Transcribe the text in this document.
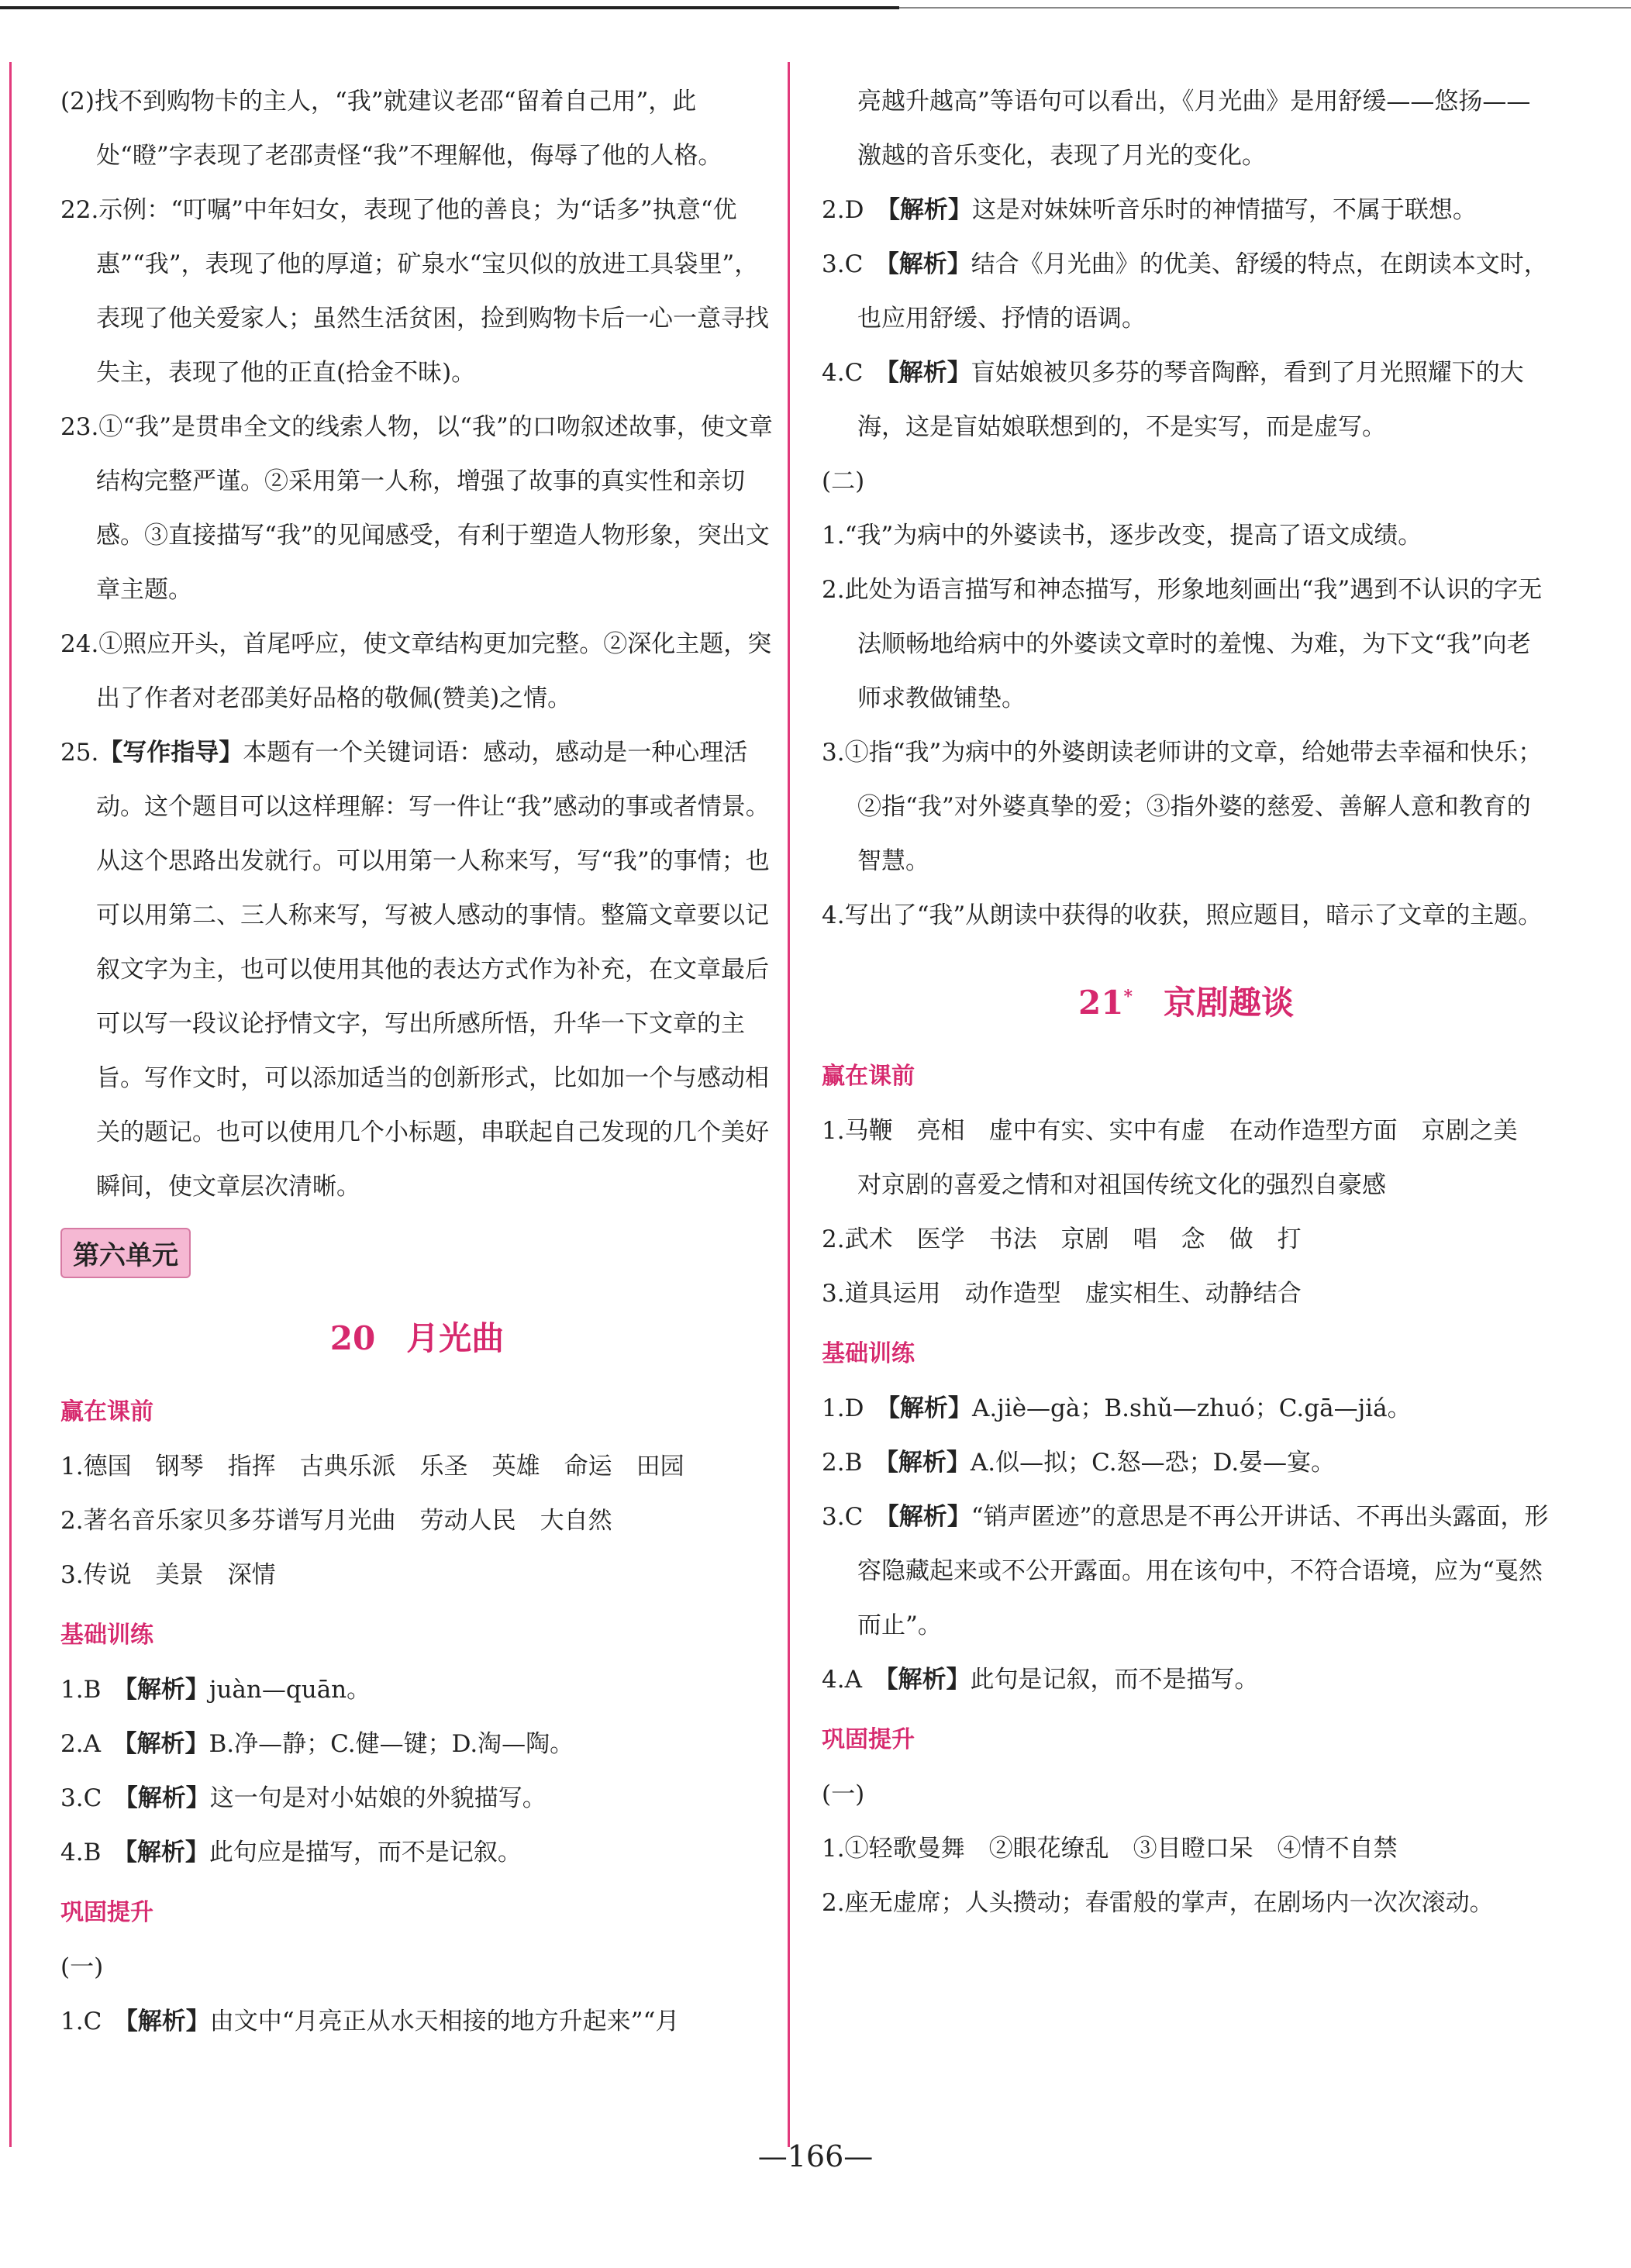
(2)找不到购物卡的主人，“我”就建议老邵“留着自己用”，此处“瞪”字表现了老邵责怪“我”不理解他，侮辱了他的人格。

22.示例：“叮嘱”中年妇女，表现了他的善良；为“话多”执意“优惠”“我”，表现了他的厚道；矿泉水“宝贝似的放进工具袋里”，表现了他关爱家人；虽然生活贫困，捡到购物卡后一心一意寻找失主，表现了他的正直(拾金不昧)。

23.①“我”是贯串全文的线索人物，以“我”的口吻叙述故事，使文章结构完整严谨。②采用第一人称，增强了故事的真实性和亲切感。③直接描写“我”的见闻感受，有利于塑造人物形象，突出文章主题。

24.①照应开头，首尾呼应，使文章结构更加完整。②深化主题，突出了作者对老邵美好品格的敬佩(赞美)之情。

25.【写作指导】本题有一个关键词语：感动，感动是一种心理活动。这个题目可以这样理解：写一件让“我”感动的事或者情景。从这个思路出发就行。可以用第一人称来写，写“我”的事情；也可以用第二、三人称来写，写被人感动的事情。整篇文章要以记叙文字为主，也可以使用其他的表达方式作为补充，在文章最后可以写一段议论抒情文字，写出所感所悟，升华一下文章的主旨。写作文时，可以添加适当的创新形式，比如加一个与感动相关的题记。也可以使用几个小标题，串联起自己发现的几个美好瞬间，使文章层次清晰。

第六单元
20 月光曲
赢在课前

1.德国　钢琴　指挥　古典乐派　乐圣　英雄　命运　田园

2.著名音乐家贝多芬谱写月光曲　劳动人民　大自然

3.传说　美景　深情

基础训练

1.B　【解析】juàn—quān。

2.A　【解析】B.净—静；C.健—键；D.淘—陶。

3.C　【解析】这一句是对小姑娘的外貌描写。

4.B　【解析】此句应是描写，而不是记叙。

巩固提升

(一)

1.C　【解析】由文中“月亮正从水天相接的地方升起来”“月

亮越升越高”等语句可以看出，《月光曲》是用舒缓——悠扬——激越的音乐变化，表现了月光的变化。

2.D　【解析】这是对妹妹听音乐时的神情描写，不属于联想。

3.C　【解析】结合《月光曲》的优美、舒缓的特点，在朗读本文时，也应用舒缓、抒情的语调。

4.C　【解析】盲姑娘被贝多芬的琴音陶醉，看到了月光照耀下的大海，这是盲姑娘联想到的，不是实写，而是虚写。

(二)

1.“我”为病中的外婆读书，逐步改变，提高了语文成绩。

2.此处为语言描写和神态描写，形象地刻画出“我”遇到不认识的字无法顺畅地给病中的外婆读文章时的羞愧、为难，为下文“我”向老师求教做铺垫。

3.①指“我”为病中的外婆朗读老师讲的文章，给她带去幸福和快乐；②指“我”对外婆真挚的爱；③指外婆的慈爱、善解人意和教育的智慧。

4.写出了“我”从朗读中获得的收获，照应题目，暗示了文章的主题。

21* 京剧趣谈
赢在课前

1.马鞭　亮相　虚中有实、实中有虚　在动作造型方面　京剧之美　对京剧的喜爱之情和对祖国传统文化的强烈自豪感

2.武术　医学　书法　京剧　唱　念　做　打

3.道具运用　动作造型　虚实相生、动静结合

基础训练

1.D　【解析】A.jiè—gà；B.shǔ—zhuó；C.gā—jiá。

2.B　【解析】A.似—拟；C.怒—恐；D.晏—宴。

3.C　【解析】“销声匿迹”的意思是不再公开讲话、不再出头露面，形容隐藏起来或不公开露面。用在该句中，不符合语境，应为“戛然而止”。

4.A　【解析】此句是记叙，而不是描写。

巩固提升

(一)

1.①轻歌曼舞　②眼花缭乱　③目瞪口呆　④情不自禁

2.座无虚席；人头攒动；春雷般的掌声，在剧场内一次次滚动。

—166—
